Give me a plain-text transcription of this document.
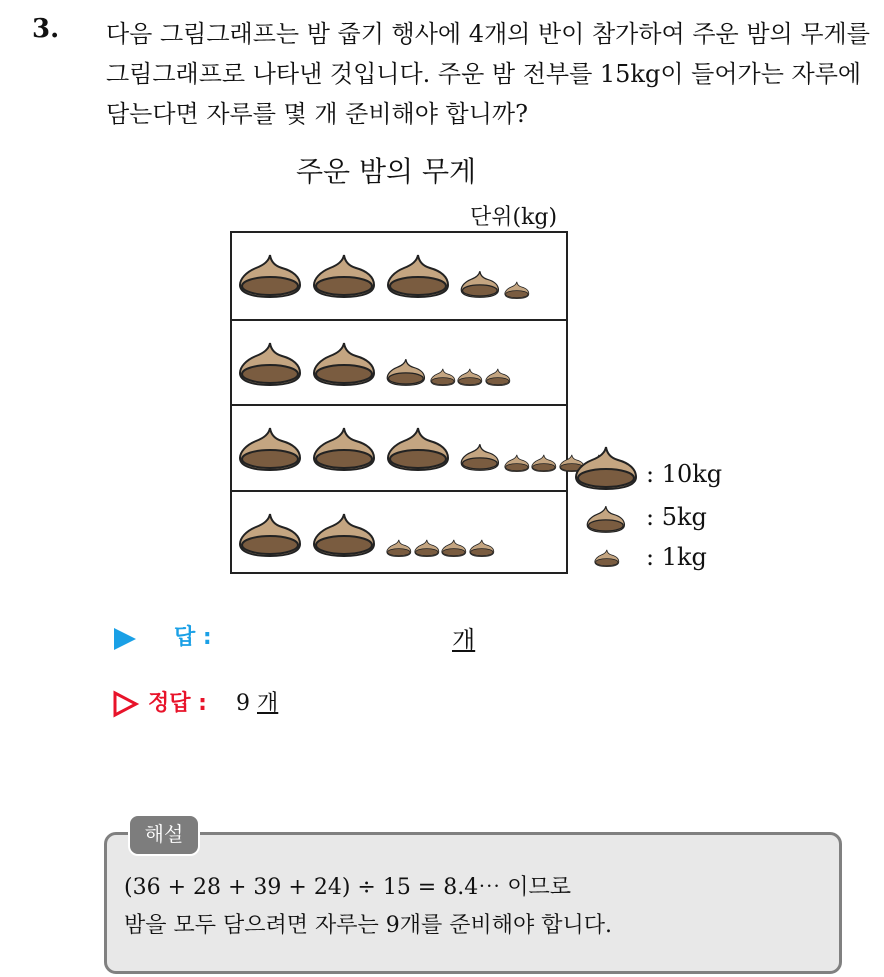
3. 다음 그림그래프는 밤 줍기 행사에 4개의 반이 참가하여 주운 밤의 무게를 그림그래프로 나타낸 것입니다. 주운 밤 전부를 15kg이 들어가는 자루에 담는다면 자루를 몇 개 준비해야 합니까?
주운 밤의 무게
단위(kg)
: 10kg
: 5kg
: 1kg
답 :	개
정답 : 9 개
해설
(36 + 28 + 39 + 24) ÷ 15 = 8.4⋯ 이므로
밤을 모두 담으려면 자루는 9개를 준비해야 합니다.
